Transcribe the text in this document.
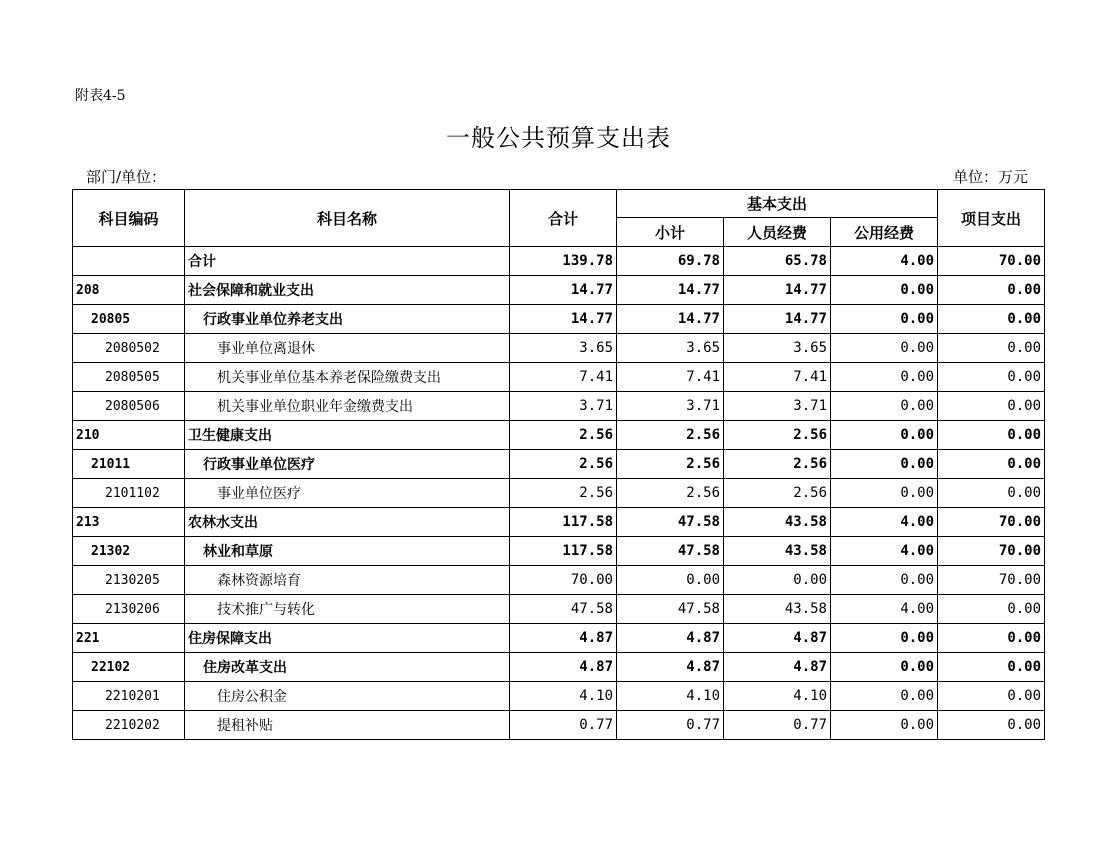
附表4-5
一般公共预算支出表
部门/单位：	单位：万元
科目编码	科目名称	合计	基本支出			项目支出
			小计	人员经费	公用经费	
	合计	139.78	69.78	65.78	4.00	70.00
208	社会保障和就业支出	14.77	14.77	14.77	0.00	0.00
20805	行政事业单位养老支出	14.77	14.77	14.77	0.00	0.00
2080502	事业单位离退休	3.65	3.65	3.65	0.00	0.00
2080505	机关事业单位基本养老保险缴费支出	7.41	7.41	7.41	0.00	0.00
2080506	机关事业单位职业年金缴费支出	3.71	3.71	3.71	0.00	0.00
210	卫生健康支出	2.56	2.56	2.56	0.00	0.00
21011	行政事业单位医疗	2.56	2.56	2.56	0.00	0.00
2101102	事业单位医疗	2.56	2.56	2.56	0.00	0.00
213	农林水支出	117.58	47.58	43.58	4.00	70.00
21302	林业和草原	117.58	47.58	43.58	4.00	70.00
2130205	森林资源培育	70.00	0.00	0.00	0.00	70.00
2130206	技术推广与转化	47.58	47.58	43.58	4.00	0.00
221	住房保障支出	4.87	4.87	4.87	0.00	0.00
22102	住房改革支出	4.87	4.87	4.87	0.00	0.00
2210201	住房公积金	4.10	4.10	4.10	0.00	0.00
2210202	提租补贴	0.77	0.77	0.77	0.00	0.00
